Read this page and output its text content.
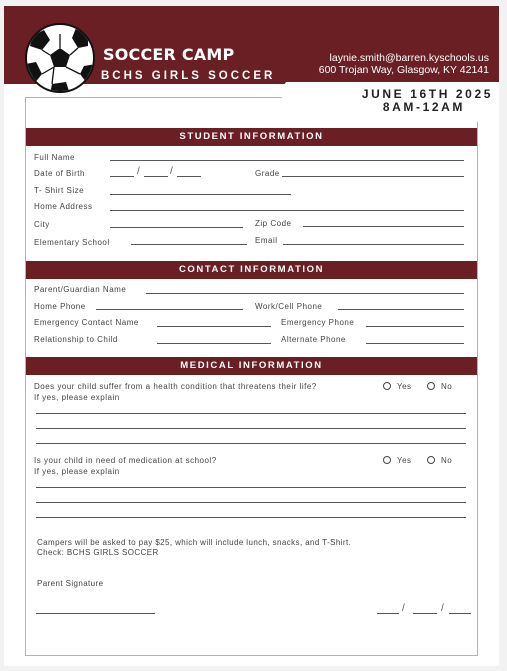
SOCCER CAMP
BCHS GIRLS SOCCER
laynie.smith@barren.kyschools.us
600 Trojan Way, Glasgow, KY 42141
JUNE 16TH 2025
8AM-12AM
STUDENT INFORMATION
Full Name
Date of Birth	/	/	Grade
T- Shirt Size
Home Address
City	Zip Code
Elementary School	Email
CONTACT INFORMATION
Parent/Guardian Name
Home Phone	Work/Cell Phone
Emergency Contact Name	Emergency Phone
Relationship to Child	Alternate Phone
MEDICAL INFORMATION
Does your child suffer from a health condition that threatens their life?	Yes	No
If yes, please explain
Is your child in need of medication at school?	Yes	No
If yes, please explain
Campers will be asked to pay $25, which will include lunch, snacks, and T-Shirt.
Check: BCHS GIRLS SOCCER
Parent Signature
/	/
